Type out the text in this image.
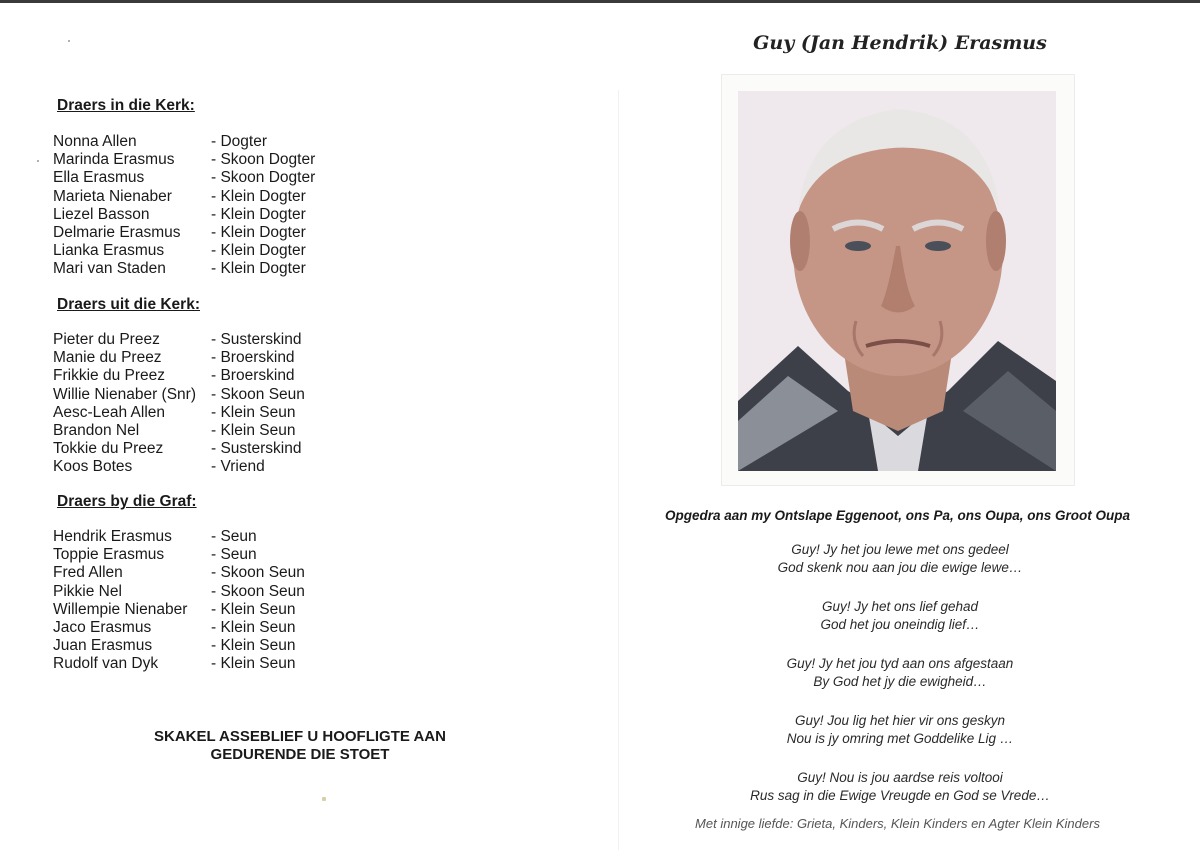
Draers in die Kerk:
Nonna Allen	- Dogter
Marinda Erasmus	- Skoon Dogter
Ella Erasmus	- Skoon Dogter
Marieta Nienaber	- Klein Dogter
Liezel Basson	- Klein Dogter
Delmarie Erasmus	- Klein Dogter
Lianka Erasmus	- Klein Dogter
Mari van Staden	- Klein Dogter
Draers uit die Kerk:
Pieter du Preez	- Susterskind
Manie du Preez	- Broerskind
Frikkie du Preez	- Broerskind
Willie Nienaber (Snr) - Skoon Seun
Aesc-Leah Allen	- Klein Seun
Brandon Nel	- Klein Seun
Tokkie du Preez	- Susterskind
Koos Botes	- Vriend
Draers by die Graf:
Hendrik Erasmus	- Seun
Toppie Erasmus	- Seun
Fred Allen	- Skoon Seun
Pikkie Nel	- Skoon Seun
Willempie Nienaber	- Klein Seun
Jaco Erasmus	- Klein Seun
Juan Erasmus	- Klein Seun
Rudolf van Dyk	- Klein Seun
SKAKEL ASSEBLIEF U HOOFLIGTE AAN
GEDURENDE DIE STOET
Guy (Jan Hendrik) Erasmus
Opgedra aan my Ontslape Eggenoot, ons Pa, ons Oupa, ons Groot Oupa
Guy! Jy het jou lewe met ons gedeel
God skenk nou aan jou die ewige lewe…
Guy! Jy het ons lief gehad
God het jou oneindig lief…
Guy! Jy het jou tyd aan ons afgestaan
By God het jy die ewigheid…
Guy! Jou lig het hier vir ons geskyn
Nou is jy omring met Goddelike Lig …
Guy! Nou is jou aardse reis voltooi
Rus sag in die Ewige Vreugde en God se Vrede…
Met innige liefde: Grieta, Kinders, Klein Kinders en Agter Klein Kinders
